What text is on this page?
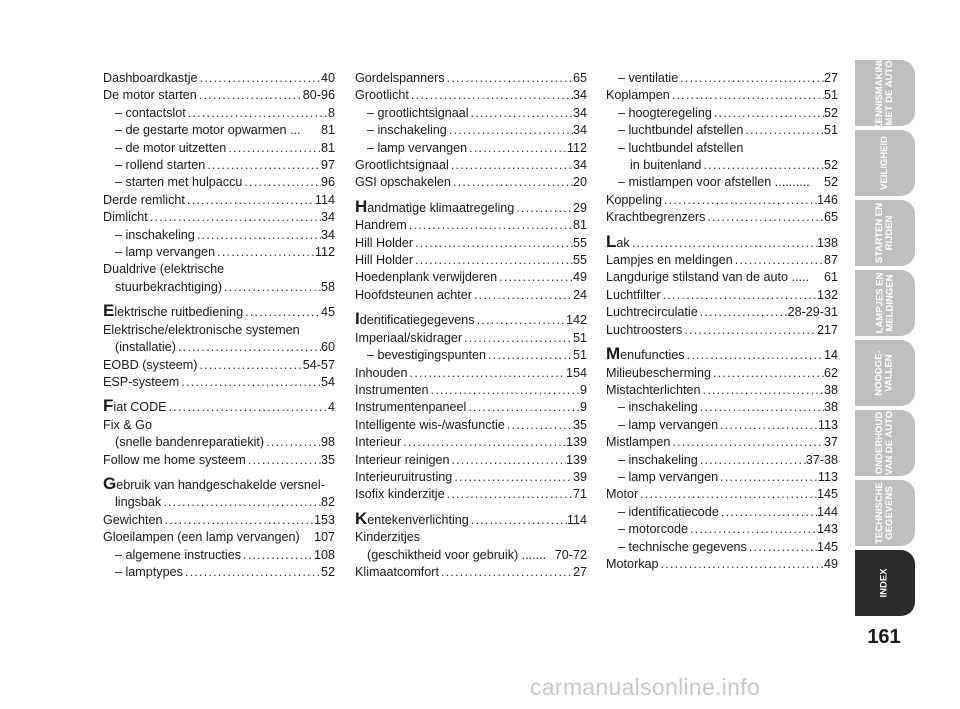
Dashboardkastje .....	40
De motor starten .....	80-96
– contactslot .....	8
– de gestarte motor opwarmen ... 81
– de motor uitzetten .....	81
– rollend starten .....	97
– starten met hulpaccu .....	96
Derde remlicht .....	114
Dimlicht .....	34
– inschakeling .....	34
– lamp vervangen .....	112
Dualdrive (elektrische
stuurbekrachtiging) .....	58
Elektrische ruitbediening .....	45
Elektrische/elektronische systemen
(installatie) .....	60
EOBD (systeem) .....	54-57
ESP-systeem .....	54
Fiat CODE .....	4
Fix & Go
(snelle bandenreparatiekit) .....	98
Follow me home systeem .....	35
Gebruik van handgeschakelde versnel-
lingsbak .....	82
Gewichten .....	153
Gloeilampen (een lamp vervangen) 107
– algemene instructies .....	108
– lamptypes .....	52
Gordelspanners .....	65
Grootlicht .....	34
– grootlichtsignaal .....	34
– inschakeling .....	34
– lamp vervangen .....	112
Grootlichtsignaal .....	34
GSI opschakelen .....	20
Handmatige klimaatregeling .....	29
Handrem .....	81
Hill Holder .....	55
Hill Holder .....	55
Hoedenplank verwijderen .....	49
Hoofdsteunen achter .....	24
Identificatiegegevens .....	142
Imperiaal/skidrager .....	51
– bevestigingspunten .....	51
Inhouden .....	154
Instrumenten .....	9
Instrumentenpaneel .....	9
Intelligente wis-/wasfunctie .....	35
Interieur .....	139
Interieur reinigen .....	139
Interieuruitrusting .....	39
Isofix kinderzitje .....	71
Kentekenverlichting .....	114
Kinderzitjes
(geschiktheid voor gebruik) ....... 70-72
Klimaatcomfort .....	27
– ventilatie .....	27
Koplampen .....	51
– hoogteregeling .....	52
– luchtbundel afstellen .....	51
– luchtbundel afstellen
in buitenland .....	52
– mistlampen voor afstellen .......... 52
Koppeling .....	146
Krachtbegrenzers .....	65
Lak .....	138
Lampjes en meldingen .....	87
Langdurige stilstand van de auto ..... 61
Luchtfilter .....	132
Luchtrecirculatie .....	28-29-31
Luchtroosters .....	217
Menufuncties .....	14
Milieubescherming .....	62
Mistachterlichten .....	38
– inschakeling .....	38
– lamp vervangen .....	113
Mistlampen .....	37
– inschakeling .....	37-38
– lamp vervangen .....	113
Motor .....	145
– identificatiecode .....	144
– motorcode .....	143
– technische gegevens .....	145
Motorkap .....	49
KENNISMAKING
MET DE AUTO
VEILIGHEID
STARTEN EN
RIJDEN
LAMPJES EN
MELDINGEN
NOODGE-
VALLEN
ONDERHOUD
VAN DE AUTO
TECHNISCHE
GEGEVENS
INDEX
161
carmanualsonline.info
